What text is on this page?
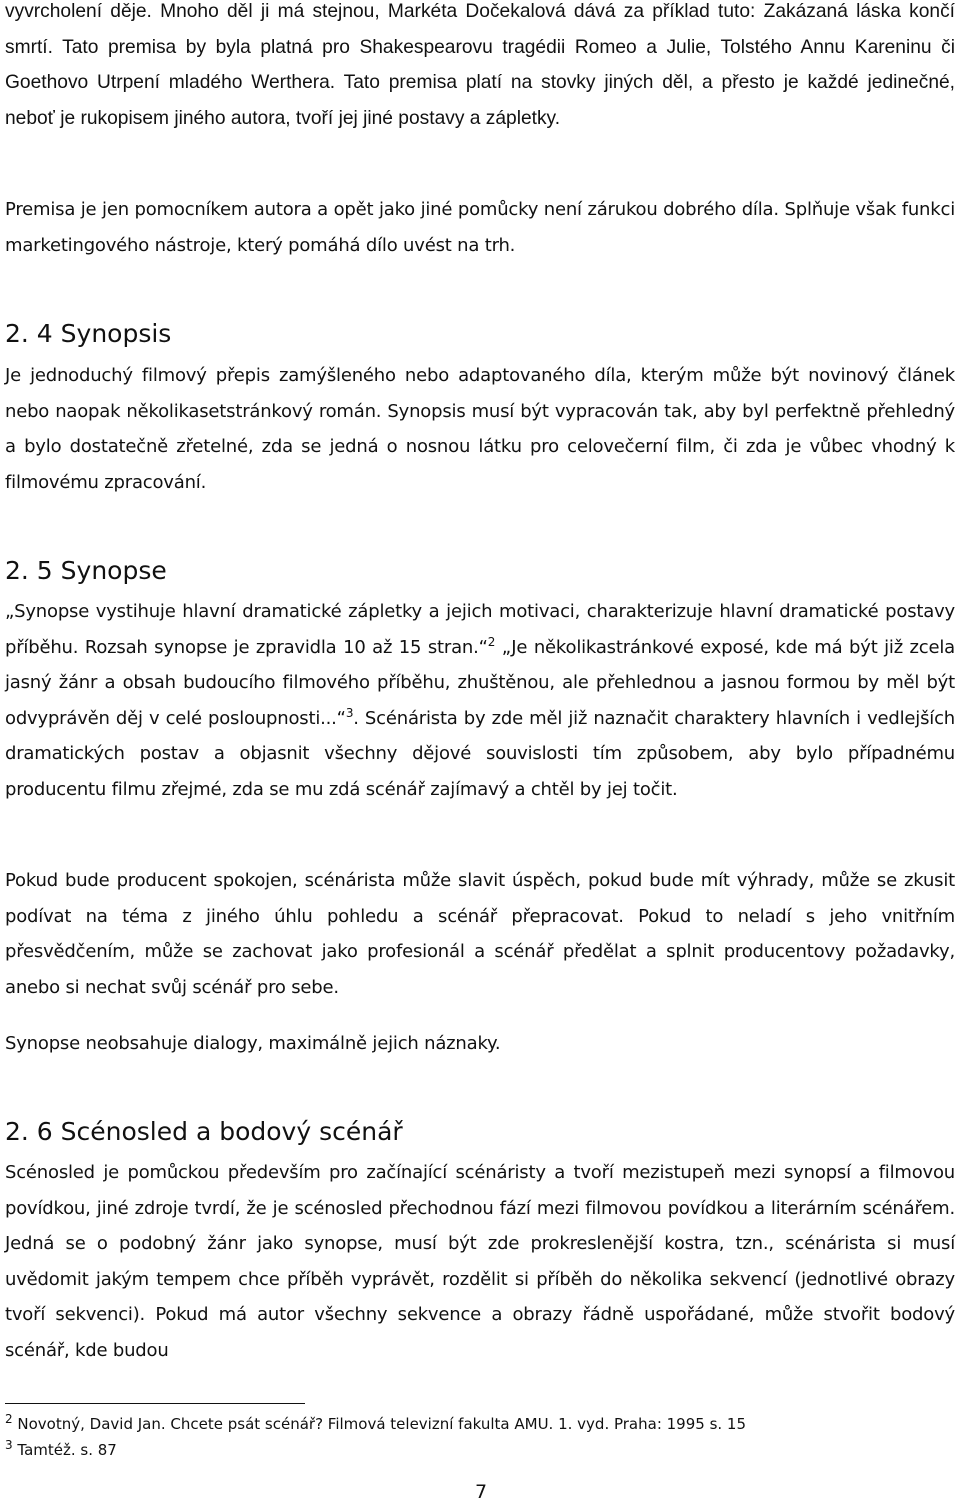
vyvrcholení děje. Mnoho děl ji má stejnou, Markéta Dočekalová dává za příklad tuto: Zakázaná láska končí smrtí. Tato premisa by byla platná pro Shakespearovu tragédii Romeo a Julie, Tolstého Annu Kareninu či Goethovo Utrpení mladého Werthera. Tato premisa platí na stovky jiných děl, a přesto je každé jedinečné, neboť je rukopisem jiného autora, tvoří jej jiné postavy a zápletky.

Premisa je jen pomocníkem autora a opět jako jiné pomůcky není zárukou dobrého díla. Splňuje však funkci marketingového nástroje, který pomáhá dílo uvést na trh.

2. 4 Synopsis

Je jednoduchý filmový přepis zamýšleného nebo adaptovaného díla, kterým může být novinový článek nebo naopak několikasetstránkový román. Synopsis musí být vypracován tak, aby byl perfektně přehledný a bylo dostatečně zřetelné, zda se jedná o nosnou látku pro celovečerní film, či zda je vůbec vhodný k filmovému zpracování.

2. 5 Synopse

„Synopse vystihuje hlavní dramatické zápletky a jejich motivaci, charakterizuje hlavní dramatické postavy příběhu. Rozsah synopse je zpravidla 10 až 15 stran.“$^2$ „Je několikastránkové exposé, kde má být již zcela jasný žánr a obsah budoucího filmového příběhu, zhuštěnou, ale přehlednou a jasnou formou by měl být odvyprávěn děj v celé posloupnosti...“$^3$. Scénárista by zde měl již naznačit charaktery hlavních i vedlejších dramatických postav a objasnit všechny dějové souvislosti tím způsobem, aby bylo případnému producentu filmu zřejmé, zda se mu zdá scénář zajímavý a chtěl by jej točit.

Pokud bude producent spokojen, scénárista může slavit úspěch, pokud bude mít výhrady, může se zkusit podívat na téma z jiného úhlu pohledu a scénář přepracovat. Pokud to neladí s jeho vnitřním přesvědčením, může se zachovat jako profesionál a scénář předělat a splnit producentovy požadavky, anebo si nechat svůj scénář pro sebe.

Synopse neobsahuje dialogy, maximálně jejich náznaky.

2. 6 Scénosled a bodový scénář

Scénosled je pomůckou především pro začínající scénáristy a tvoří mezistupeň mezi synopsí a filmovou povídkou, jiné zdroje tvrdí, že je scénosled přechodnou fází mezi filmovou povídkou a literárním scénářem. Jedná se o podobný žánr jako synopse, musí být zde prokreslenější kostra, tzn., scénárista si musí uvědomit jakým tempem chce příběh vyprávět, rozdělit si příběh do několika sekvencí (jednotlivé obrazy tvoří sekvenci). Pokud má autor všechny sekvence a obrazy řádně uspořádané, může stvořit bodový scénář, kde budou

$^2$ Novotný, David Jan. Chcete psát scénář? Filmová televizní fakulta AMU. 1. vyd. Praha: 1995 s. 15

$^3$ Tamtéž. s. 87

7
